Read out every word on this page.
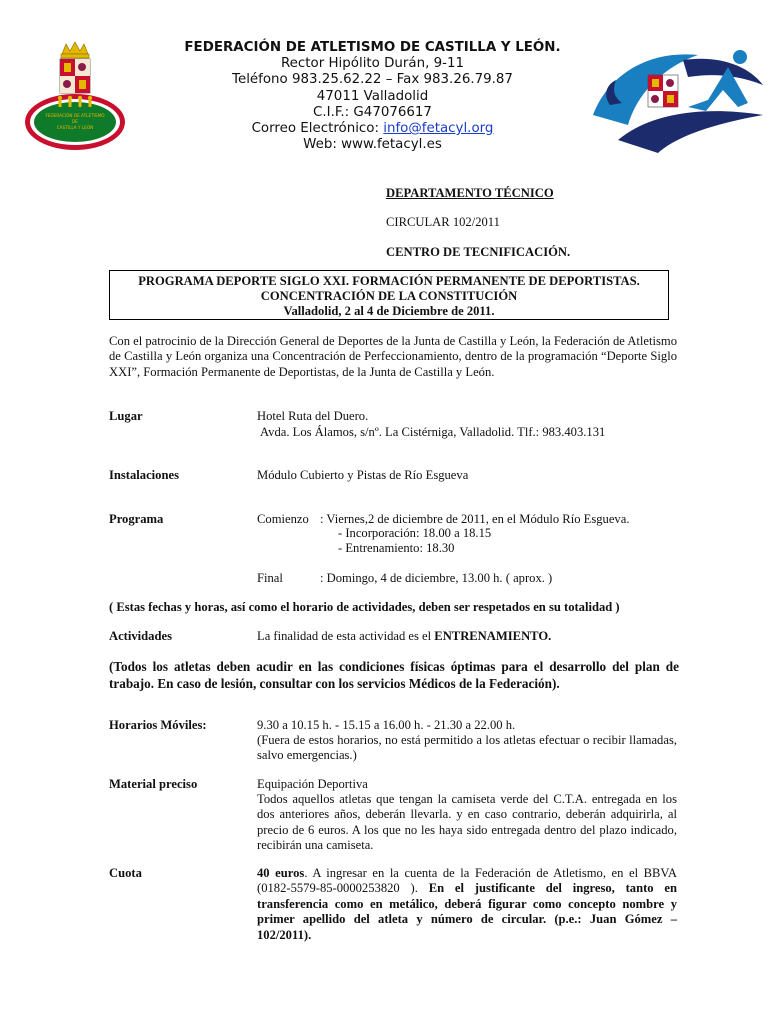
FEDERACIÓN DE ATLETISMO
DE
CASTILLA Y LEÓN
FEDERACIÓN DE ATLETISMO DE CASTILLA Y LEÓN.
Rector Hipólito Durán, 9-11
Teléfono 983.25.62.22 – Fax 983.26.79.87
47011 Valladolid
C.I.F.: G47076617
Correo Electrónico: info@fetacyl.org
Web: www.fetacyl.es
DEPARTAMENTO TÉCNICO
CIRCULAR 102/2011
CENTRO DE TECNIFICACIÓN.
PROGRAMA DEPORTE SIGLO XXI. FORMACIÓN PERMANENTE DE DEPORTISTAS.
CONCENTRACIÓN DE LA CONSTITUCIÓN
Valladolid, 2 al 4 de Diciembre de 2011.
Con el patrocinio de la Dirección General de Deportes de la Junta de Castilla y León, la Federación de Atletismo de Castilla y León organiza una Concentración de Perfeccionamiento, dentro de la programación “Deporte Siglo XXI”, Formación Permanente de Deportistas, de la Junta de Castilla y León.
Lugar	Hotel Ruta del Duero.
Avda. Los Álamos, s/nº. La Cistérniga, Valladolid. Tlf.: 983.403.131
Instalaciones	Módulo Cubierto y Pistas de Río Esgueva
Programa	Comienzo : Viernes,2 de diciembre de 2011, en el Módulo Río Esgueva.
- Incorporación: 18.00 a 18.15
- Entrenamiento: 18.30
Final	: Domingo, 4 de diciembre, 13.00 h. ( aprox. )
( Estas fechas y horas, así como el horario de actividades, deben ser respetados en su totalidad )
Actividades	La finalidad de esta actividad es el ENTRENAMIENTO.
(Todos los atletas deben acudir en las condiciones físicas óptimas para el desarrollo del plan de trabajo. En caso de lesión, consultar con los servicios Médicos de la Federación).
Horarios Móviles:	9.30 a 10.15 h. - 15.15 a 16.00 h. - 21.30 a 22.00 h.
(Fuera de estos horarios, no está permitido a los atletas efectuar o recibir llamadas, salvo emergencias.)
Material preciso	Equipación Deportiva
Todos aquellos atletas que tengan la camiseta verde del C.T.A. entregada en los dos anteriores años, deberán llevarla. y en caso contrario, deberán adquirirla, al precio de 6 euros. A los que no les haya sido entregada dentro del plazo indicado, recibirán una camiseta.
Cuota	40 euros. A ingresar en la cuenta de la Federación de Atletismo, en el BBVA (0182-5579-85-0000253820 ). En el justificante del ingreso, tanto en transferencia como en metálico, deberá figurar como concepto nombre y primer apellido del atleta y número de circular. (p.e.: Juan Gómez – 102/2011).
